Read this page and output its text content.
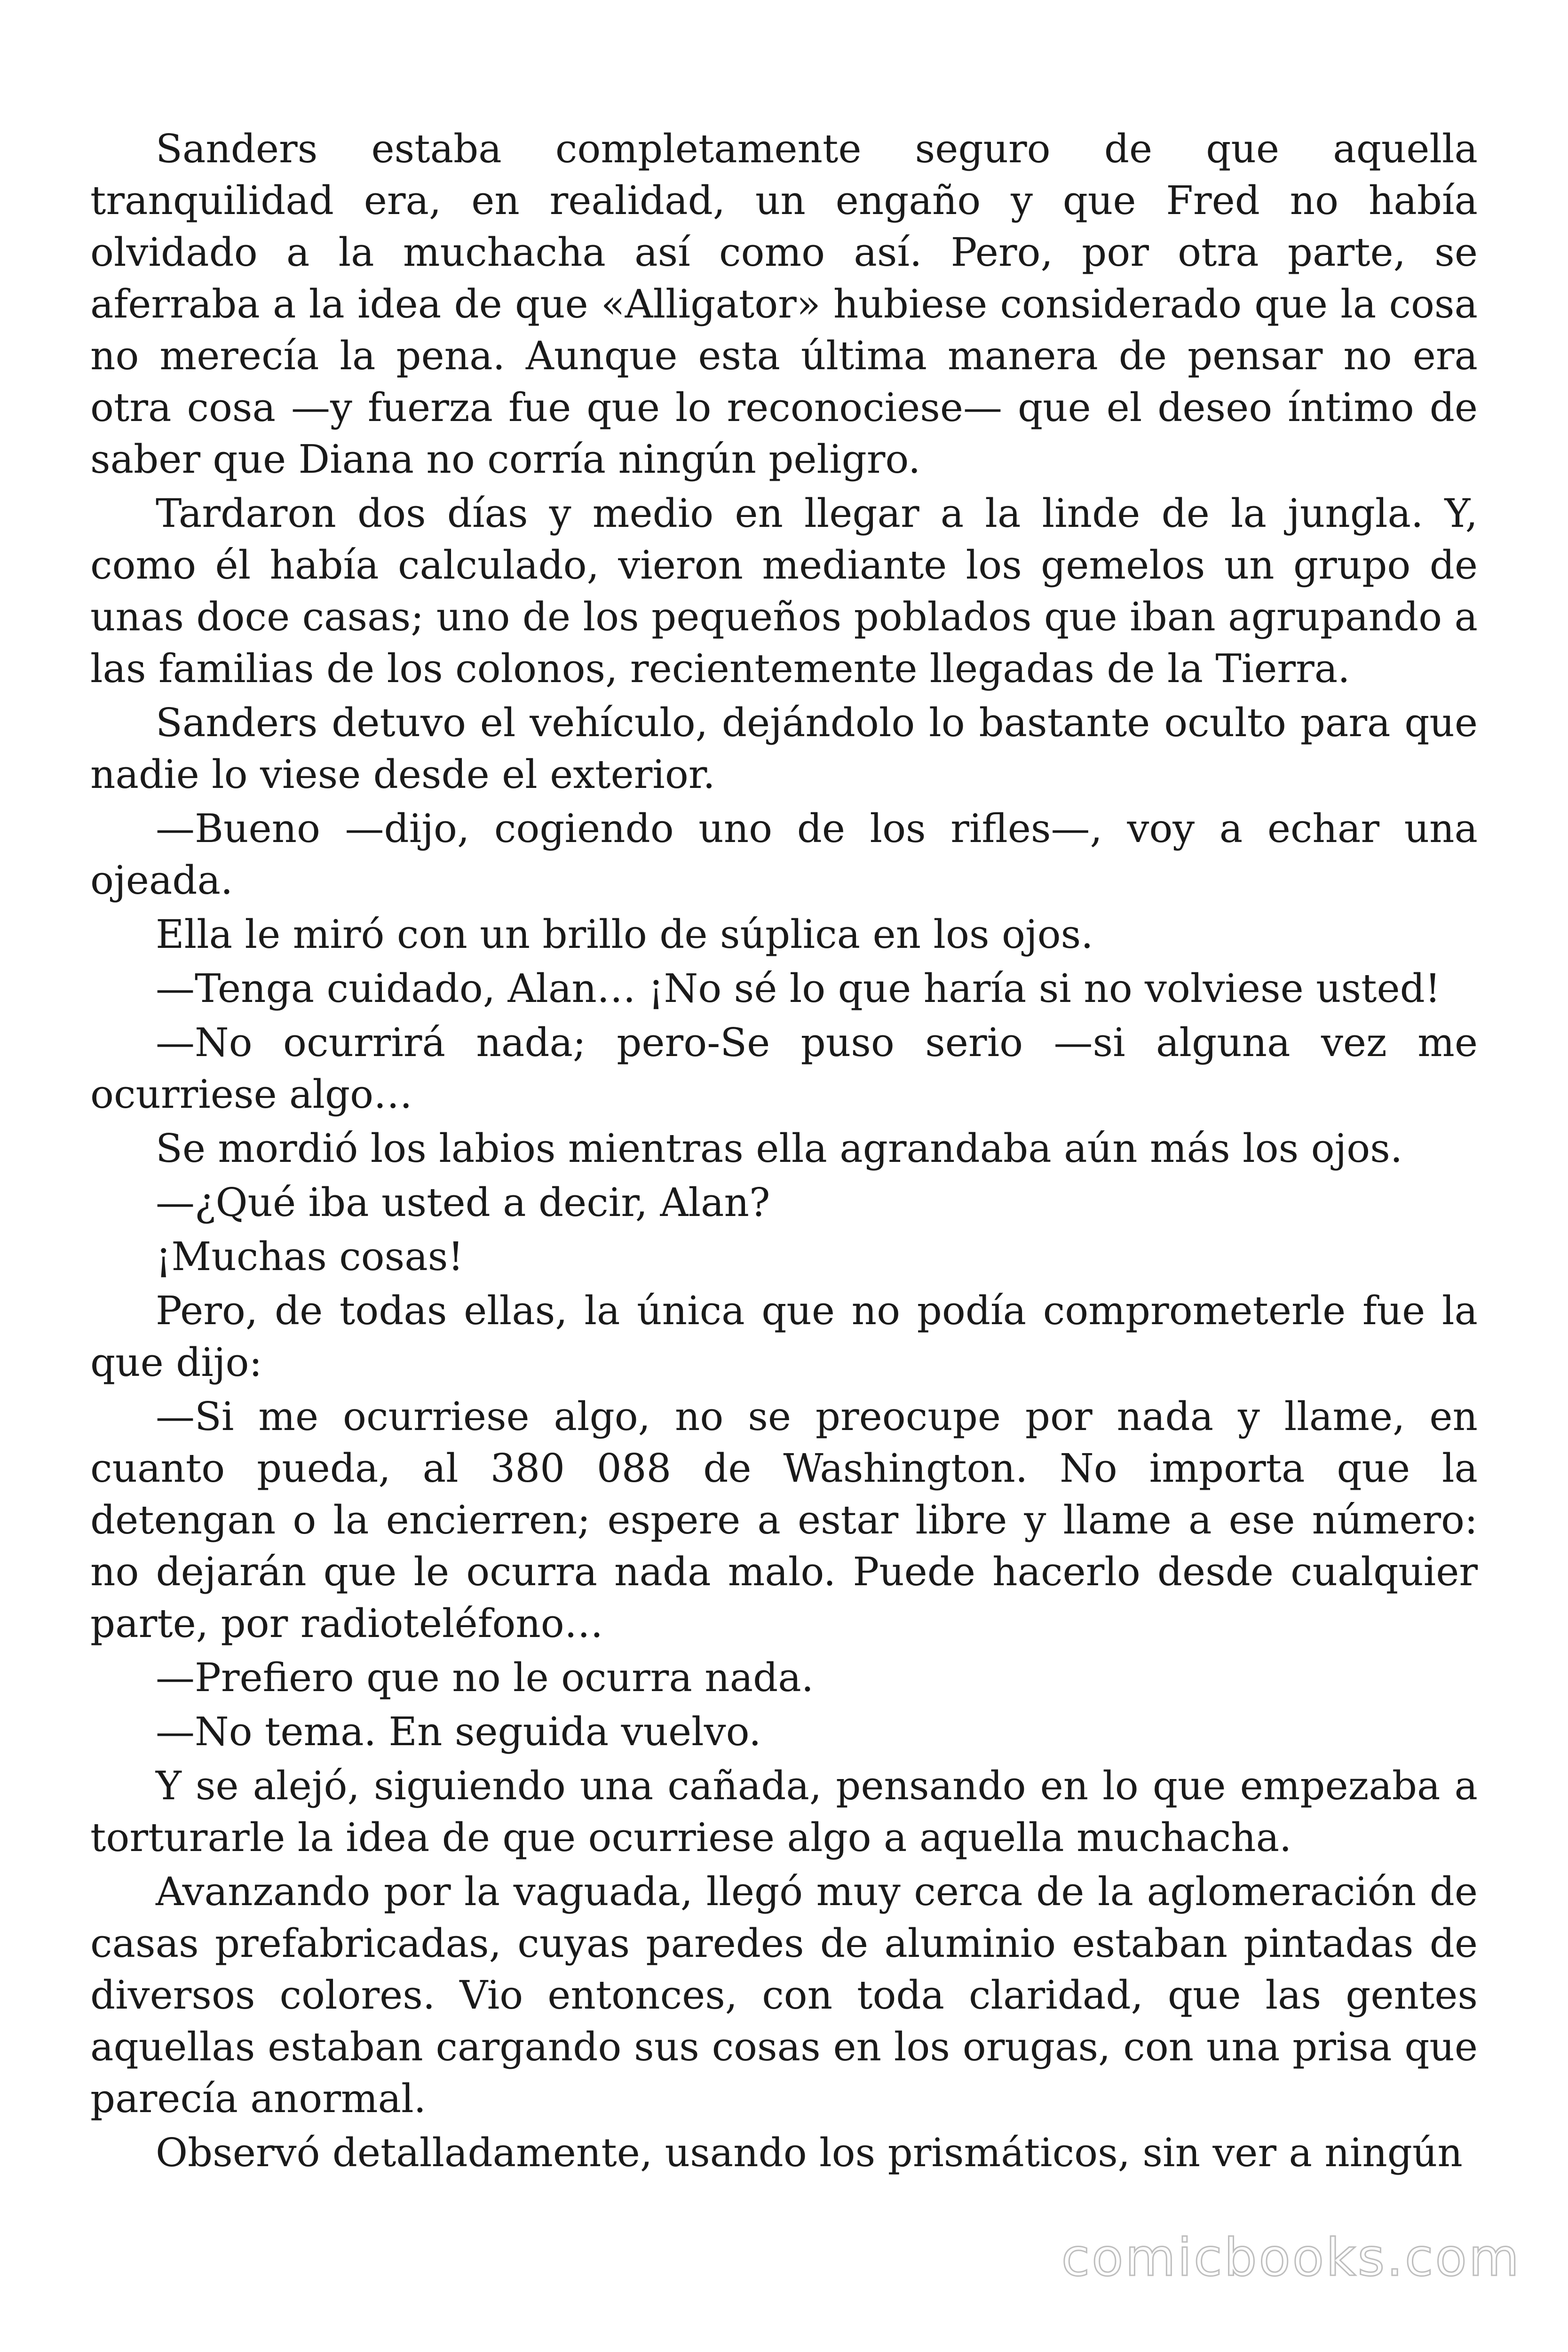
Sanders estaba completamente seguro de que aquella tranquilidad era, en realidad, un engaño y que Fred no había olvidado a la muchacha así como así. Pero, por otra parte, se aferraba a la idea de que «Alligator» hubiese considerado que la cosa no merecía la pena. Aunque esta última manera de pensar no era otra cosa —y fuerza fue que lo reconociese— que el deseo íntimo de saber que Diana no corría ningún peligro.

Tardaron dos días y medio en llegar a la linde de la jungla. Y, como él había calculado, vieron mediante los gemelos un grupo de unas doce casas; uno de los pequeños poblados que iban agrupando a las familias de los colonos, recientemente llegadas de la Tierra.

Sanders detuvo el vehículo, dejándolo lo bastante oculto para que nadie lo viese desde el exterior.

—Bueno —dijo, cogiendo uno de los rifles—, voy a echar una ojeada.

Ella le miró con un brillo de súplica en los ojos.

—Tenga cuidado, Alan… ¡No sé lo que haría si no volviese usted!

—No ocurrirá nada; pero-Se puso serio —si alguna vez me ocurriese algo…

Se mordió los labios mientras ella agrandaba aún más los ojos.

—¿Qué iba usted a decir, Alan?

¡Muchas cosas!

Pero, de todas ellas, la única que no podía comprometerle fue la que dijo:

—Si me ocurriese algo, no se preocupe por nada y llame, en cuanto pueda, al 380 088 de Washington. No importa que la detengan o la encierren; espere a estar libre y llame a ese número: no dejarán que le ocurra nada malo. Puede hacerlo desde cualquier parte, por radioteléfono…

—Prefiero que no le ocurra nada.

—No tema. En seguida vuelvo.

Y se alejó, siguiendo una cañada, pensando en lo que empezaba a torturarle la idea de que ocurriese algo a aquella muchacha.

Avanzando por la vaguada, llegó muy cerca de la aglomeración de casas prefabricadas, cuyas paredes de aluminio estaban pintadas de diversos colores. Vio entonces, con toda claridad, que las gentes aquellas estaban cargando sus cosas en los orugas, con una prisa que parecía anormal.

Observó detalladamente, usando los prismáticos, sin ver a ningún

comicbooks.com
